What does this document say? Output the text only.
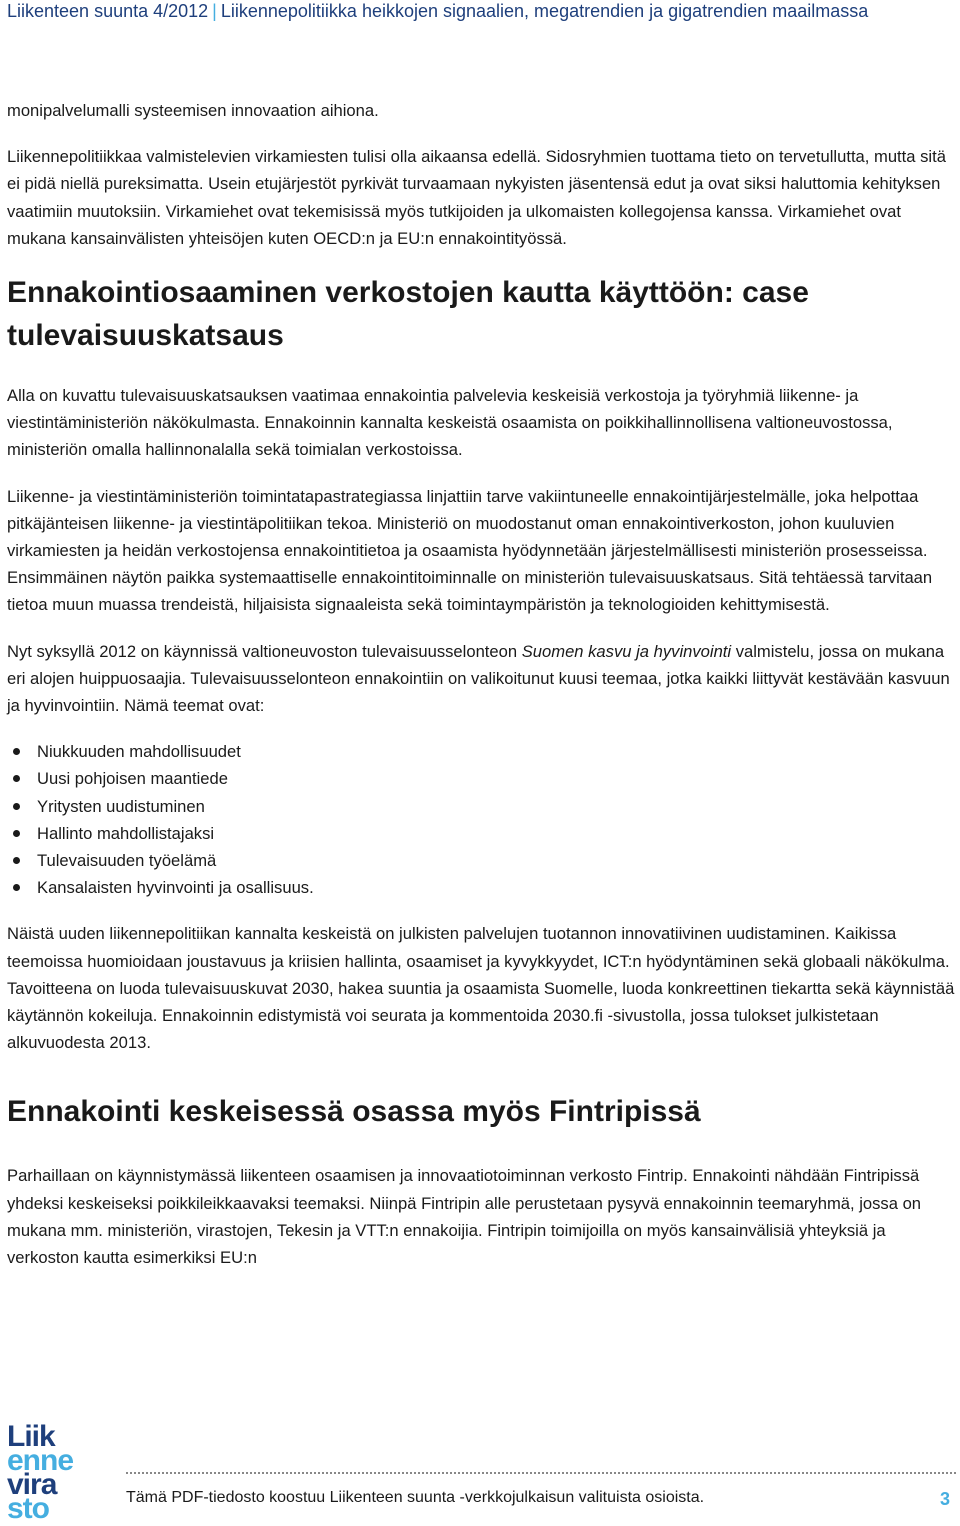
Liikenteen suunta 4/2012 | Liikennepolitiikka heikkojen signaalien, megatrendien ja gigatrendien maailmassa

monipalvelumalli systeemisen innovaation aihiona.

Liikennepolitiikkaa valmistelevien virkamiesten tulisi olla aikaansa edellä. Sidosryhmien tuottama tieto on tervetullutta, mutta sitä ei pidä niellä pureksimatta. Usein etujärjestöt pyrkivät turvaamaan nykyisten jäsentensä edut ja ovat siksi haluttomia kehityksen vaatimiin muutoksiin. Virkamiehet ovat tekemisissä myös tutkijoiden ja ulkomaisten kollegojensa kanssa. Virkamiehet ovat mukana kansainvälisten yhteisöjen kuten OECD:n ja EU:n ennakointityössä.

Ennakointiosaaminen verkostojen kautta käyttöön: case tulevaisuuskatsaus

Alla on kuvattu tulevaisuuskatsauksen vaatimaa ennakointia palvelevia keskeisiä verkostoja ja työryhmiä liikenne- ja viestintäministeriön näkökulmasta. Ennakoinnin kannalta keskeistä osaamista on poikkihallinnollisena valtioneuvostossa, ministeriön omalla hallinnonalalla sekä toimialan verkostoissa.

Liikenne- ja viestintäministeriön toimintatapastrategiassa linjattiin tarve vakiintuneelle ennakointijärjestelmälle, joka helpottaa pitkäjänteisen liikenne- ja viestintäpolitiikan tekoa. Ministeriö on muodostanut oman ennakointiverkoston, johon kuuluvien virkamiesten ja heidän verkostojensa ennakointitietoa ja osaamista hyödynnetään järjestelmällisesti ministeriön prosesseissa. Ensimmäinen näytön paikka systemaattiselle ennakointitoiminnalle on ministeriön tulevaisuuskatsaus. Sitä tehtäessä tarvitaan tietoa muun muassa trendeistä, hiljaisista signaaleista sekä toimintaympäristön ja teknologioiden kehittymisestä.

Nyt syksyllä 2012 on käynnissä valtioneuvoston tulevaisuusselonteon Suomen kasvu ja hyvinvointi valmistelu, jossa on mukana eri alojen huippuosaajia. Tulevaisuusselonteon ennakointiin on valikoitunut kuusi teemaa, jotka kaikki liittyvät kestävään kasvuun ja hyvinvointiin. Nämä teemat ovat:

Niukkuuden mahdollisuudet
Uusi pohjoisen maantiede
Yritysten uudistuminen
Hallinto mahdollistajaksi
Tulevaisuuden työelämä
Kansalaisten hyvinvointi ja osallisuus.

Näistä uuden liikennepolitiikan kannalta keskeistä on julkisten palvelujen tuotannon innovatiivinen uudistaminen. Kaikissa teemoissa huomioidaan joustavuus ja kriisien hallinta, osaamiset ja kyvykkyydet, ICT:n hyödyntäminen sekä globaali näkökulma. Tavoitteena on luoda tulevaisuuskuvat 2030, hakea suuntia ja osaamista Suomelle, luoda konkreettinen tiekartta sekä käynnistää käytännön kokeiluja. Ennakoinnin edistymistä voi seurata ja kommentoida 2030.fi -sivustolla, jossa tulokset julkistetaan alkuvuodesta 2013.

Ennakointi keskeisessä osassa myös Fintripissä

Parhaillaan on käynnistymässä liikenteen osaamisen ja innovaatiotoiminnan verkosto Fintrip. Ennakointi nähdään Fintripissä yhdeksi keskeiseksi poikkileikkaavaksi teemaksi. Niinpä Fintripin alle perustetaan pysyvä ennakoinnin teemaryhmä, jossa on mukana mm. ministeriön, virastojen, Tekesin ja VTT:n ennakoijia. Fintripin toimijoilla on myös kansainvälisiä yhteyksiä ja verkoston kautta esimerkiksi EU:n

Liik
enne
vira
sto	Tämä PDF-tiedosto koostuu Liikenteen suunta -verkkojulkaisun valituista osioista.	3
